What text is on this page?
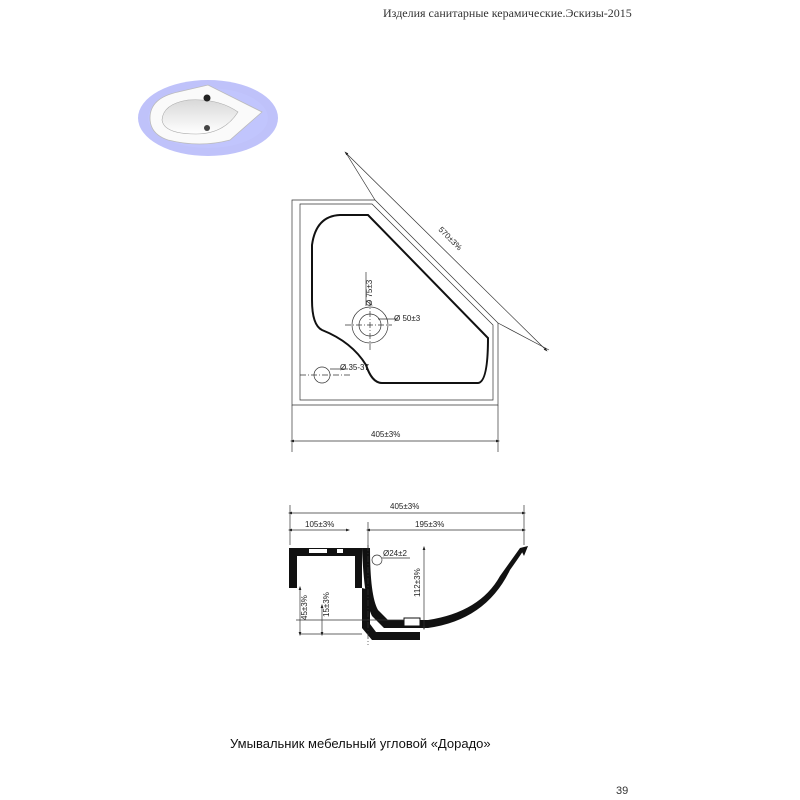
Изделия санитарные керамические.Эскизы-2015
Ø 75±3
Ø 50±3
Ø 35-37
570±3%
405±3%
405±3%
105±3%	195±3%
Ø24±2
112±3%
45±3% 15±3%
Умывальник мебельный угловой «Дорадо»
39
